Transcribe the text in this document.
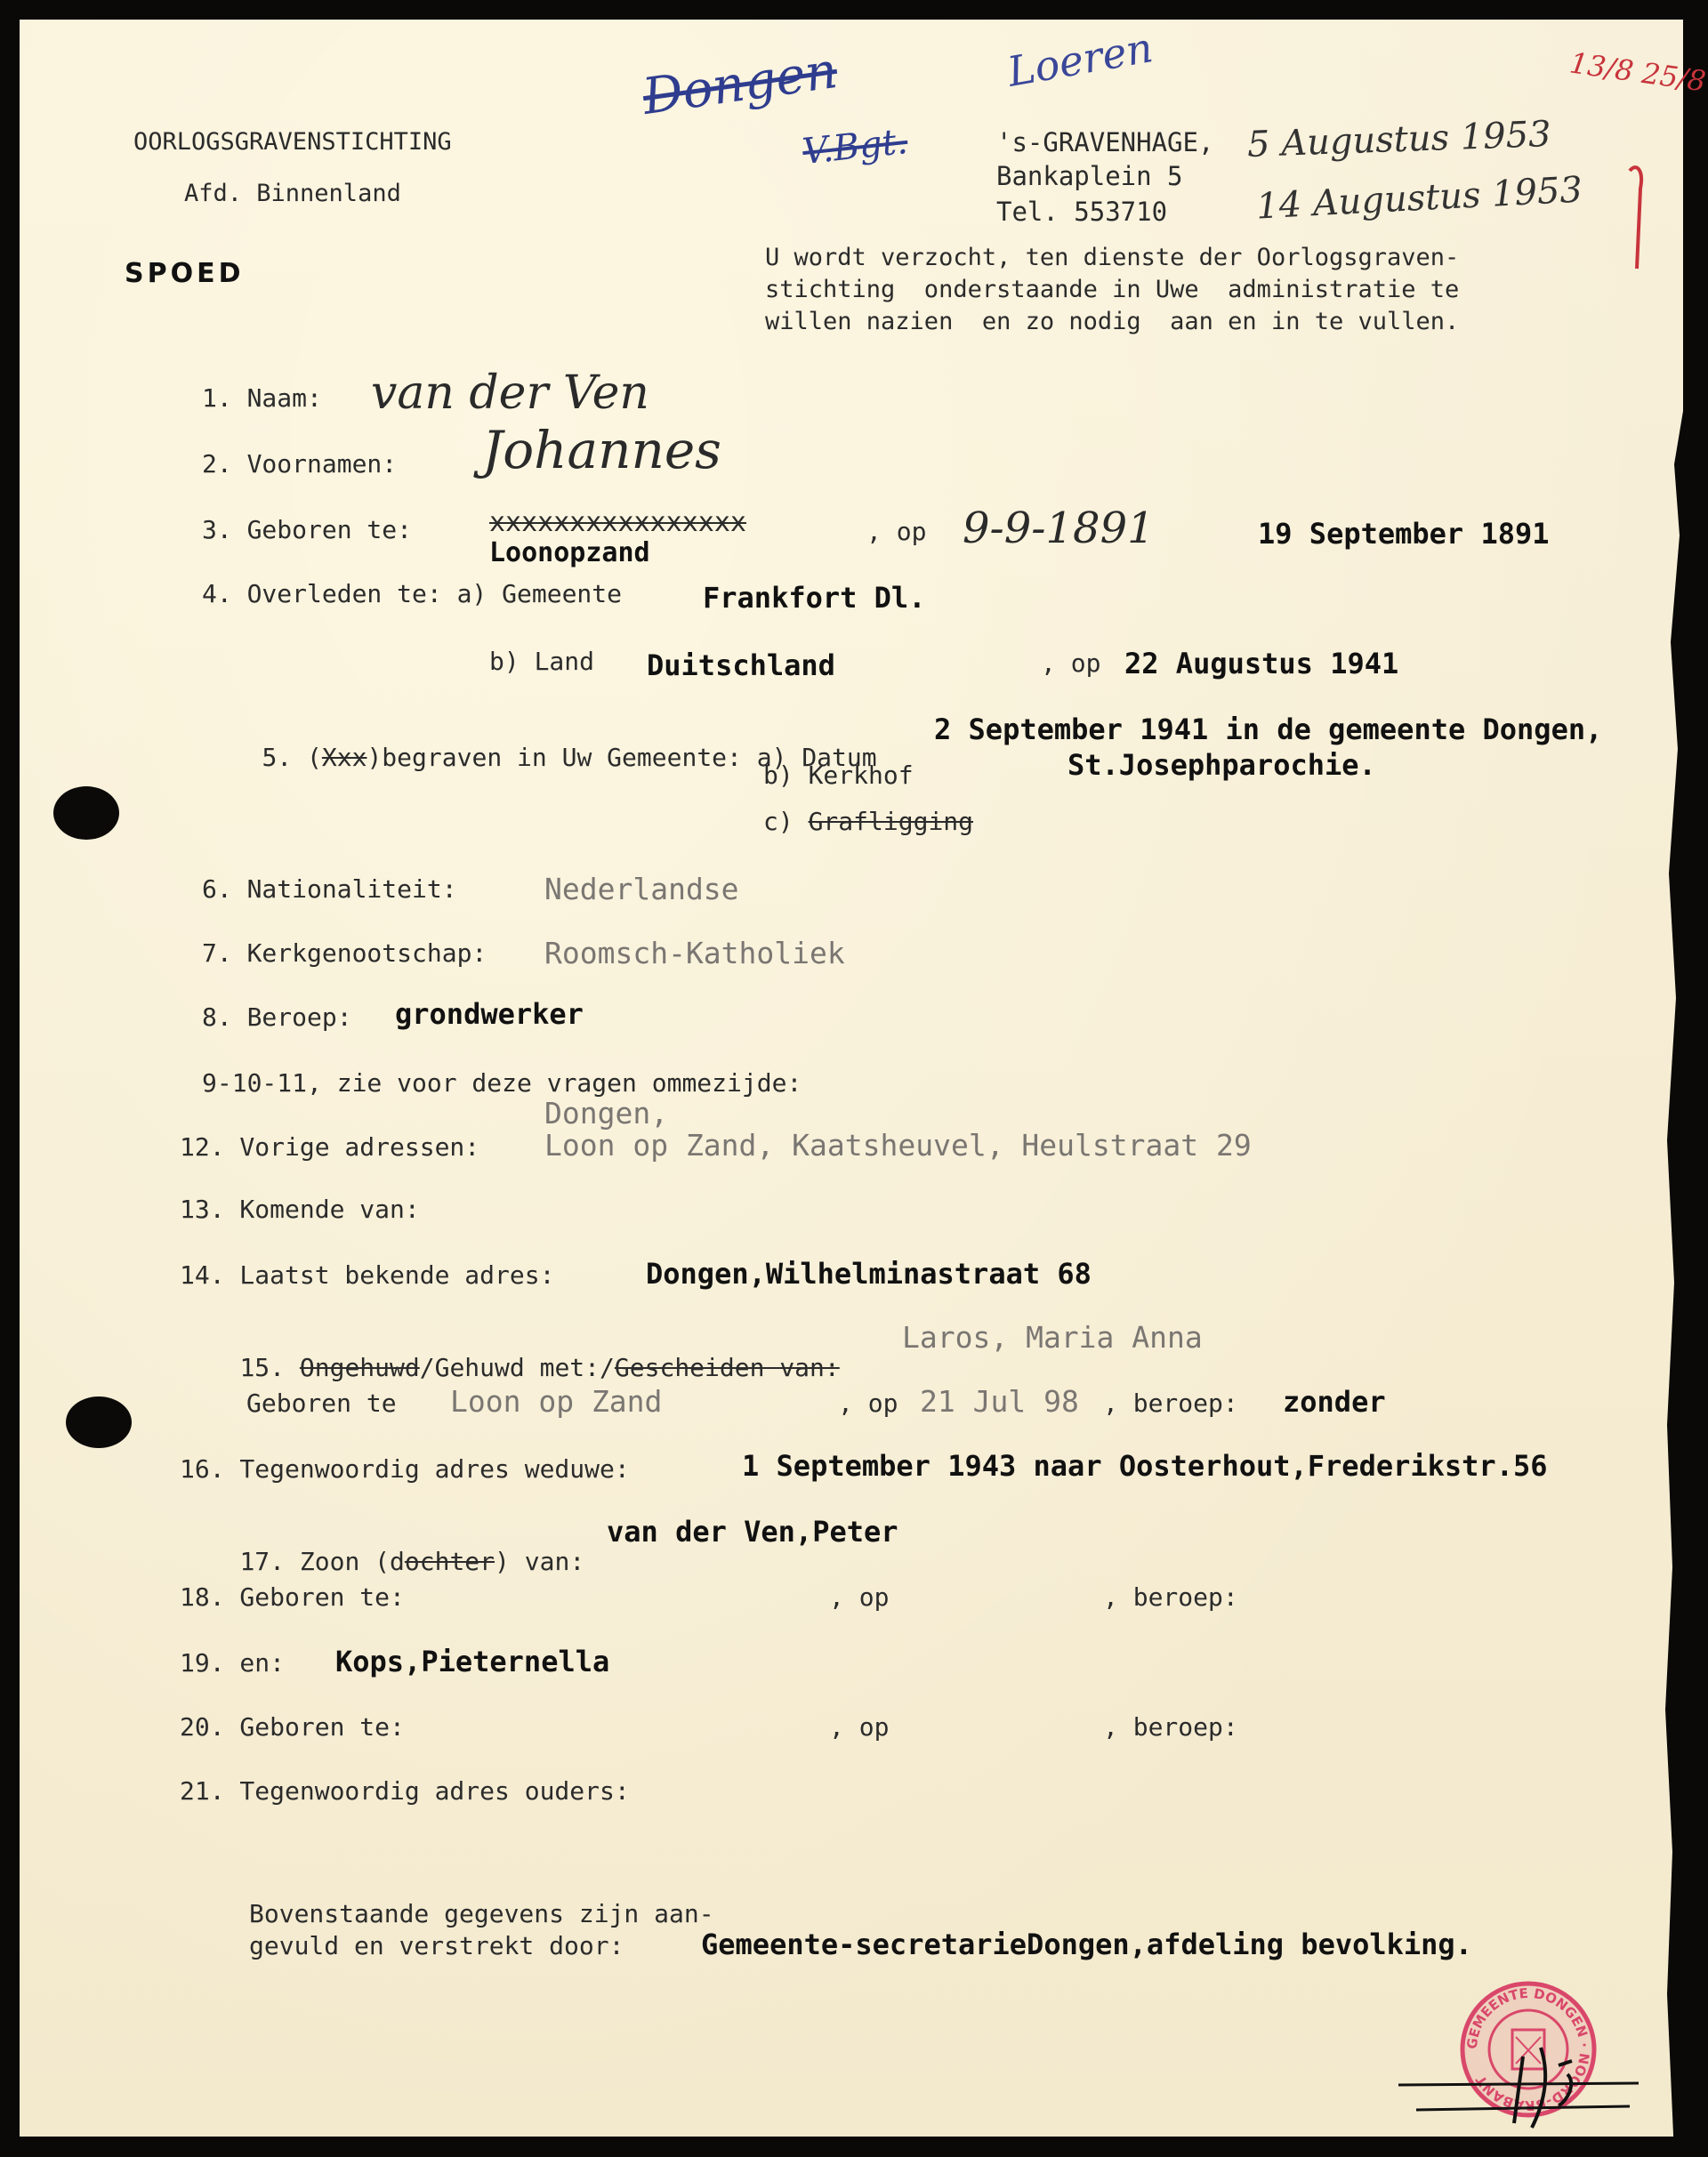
OORLOGSGRAVENSTICHTING
Afd. Binnenland
SPOED
's-GRAVENHAGE,
Bankaplein 5
Tel. 553710
U wordt verzocht, ten dienste der Oorlogsgraven-
stichting  onderstaande in Uwe  administratie te
willen nazien  en zo nodig  aan en in te vullen.
Dongen
V.Bgt.
Loeren
5 Augustus 1953
14 Augustus 1953
13/8 25/8
1. Naam: van der Ven
2. Voornamen: Johannes
3. Geboren te:	xxxxxxxxxxxxxxxx
Loonopzand
, op 9-9-1891	19 September 1891
4. Overleden te: a) Gemeente	Frankfort Dl.
b) Land Duitschland	, op 22 Augustus 1941

5. (Xxx)begraven in Uw Gemeente: a) Datum

2 September 1941 in de gemeente Dongen,
b) Kerkhof	St.Josephparochie.
c) Grafligging
6. Nationaliteit:	Nederlandse
7. Kerkgenootschap: Roomsch-Katholiek
8. Beroep: grondwerker
9-10-11, zie voor deze vragen ommezijde:
Dongen,
12. Vorige adressen: Loon op Zand, Kaatsheuvel, Heulstraat 29
13. Komende van:
14. Laatst bekende adres:	Dongen,Wilhelminastraat 68

15. Ongehuwd/Gehuwd met:/Gescheiden van:

Laros, Maria Anna
Geboren te Loon op Zand	, op 21 Jul 98 , beroep: zonder
16. Tegenwoordig adres weduwe:	1 September 1943 naar Oosterhout,Frederikstr.56

17. Zoon (dochter) van:

van der Ven,Peter
18. Geboren te:	, op	, beroep:
19. en: Kops,Pieternella
20. Geboren te:	, op	, beroep:
21. Tegenwoordig adres ouders:
Bovenstaande gegevens zijn aan-
gevuld en verstrekt door:	Gemeente-secretarieDongen,afdeling bevolking.
GEMEENTE DONGEN · NOORD-BRABANT
